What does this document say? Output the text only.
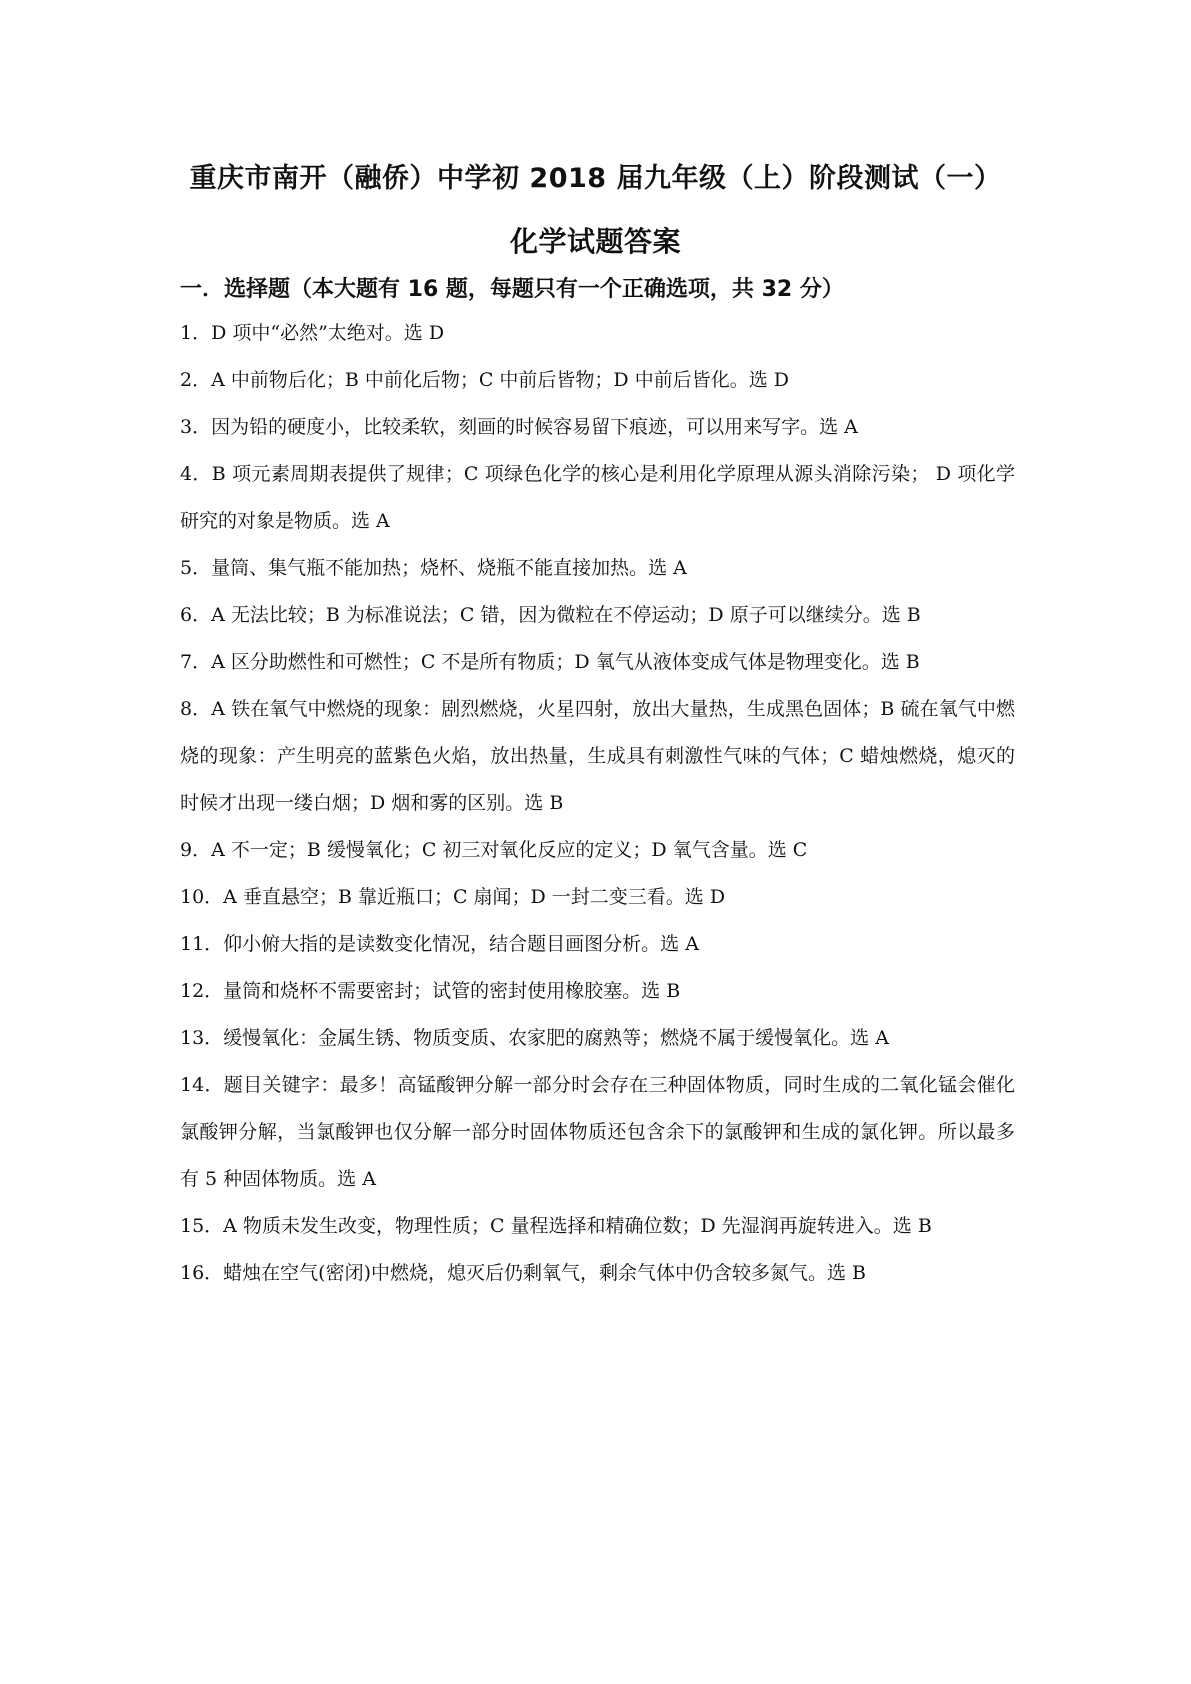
重庆市南开（融侨）中学初 2018 届九年级（上）阶段测试（一）
化学试题答案
一．选择题（本大题有 16 题，每题只有一个正确选项，共 32 分）
1．D 项中“必然”太绝对。选 D
2．A 中前物后化；B 中前化后物；C 中前后皆物；D 中前后皆化。选 D
3．因为铅的硬度小，比较柔软，刻画的时候容易留下痕迹，可以用来写字。选 A
4．B 项元素周期表提供了规律；C 项绿色化学的核心是利用化学原理从源头消除污染； D 项化学研究的对象是物质。选 A
5．量筒、集气瓶不能加热；烧杯、烧瓶不能直接加热。选 A
6．A 无法比较；B 为标准说法；C 错，因为微粒在不停运动；D 原子可以继续分。选 B
7．A 区分助燃性和可燃性；C 不是所有物质；D 氧气从液体变成气体是物理变化。选 B
8．A 铁在氧气中燃烧的现象：剧烈燃烧，火星四射，放出大量热，生成黑色固体；B 硫在氧气中燃烧的现象：产生明亮的蓝紫色火焰，放出热量，生成具有刺激性气味的气体；C 蜡烛燃烧，熄灭的时候才出现一缕白烟；D 烟和雾的区别。选 B
9．A 不一定；B 缓慢氧化；C 初三对氧化反应的定义；D 氧气含量。选 C
10．A 垂直悬空；B 靠近瓶口；C 扇闻；D 一封二变三看。选 D
11．仰小俯大指的是读数变化情况，结合题目画图分析。选 A
12．量筒和烧杯不需要密封；试管的密封使用橡胶塞。选 B
13．缓慢氧化：金属生锈、物质变质、农家肥的腐熟等；燃烧不属于缓慢氧化。选 A
14．题目关键字：最多！高锰酸钾分解一部分时会存在三种固体物质，同时生成的二氧化锰会催化氯酸钾分解，当氯酸钾也仅分解一部分时固体物质还包含余下的氯酸钾和生成的氯化钾。所以最多有 5 种固体物质。选 A
15．A 物质未发生改变，物理性质；C 量程选择和精确位数；D 先湿润再旋转进入。选 B
16．蜡烛在空气(密闭)中燃烧，熄灭后仍剩氧气，剩余气体中仍含较多氮气。选 B
